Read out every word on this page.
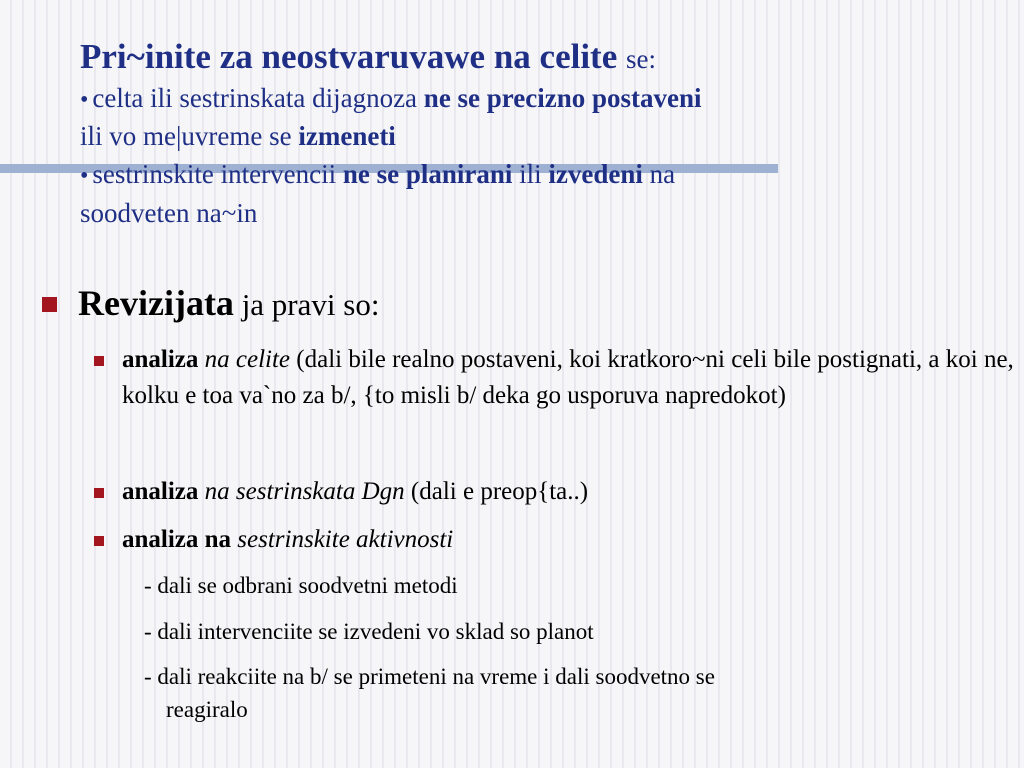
Pri~inite za neostvaruvawe na celite se:

• celta ili sestrinskata dijagnoza ne se precizno postaveni
ili vo me|uvreme se izmeneti

• sestrinskite intervencii ne se planirani ili izvedeni na
soodveten na~in

Revizijata ja pravi so:
analiza na celite (dali bile realno postaveni, koi kratkoro~ni celi bile postignati, a koi ne, kolku e toa va`no za b/, {to misli b/ deka go usporuva napredokot)
analiza na sestrinskata Dgn (dali e preop{ta..)
analiza na sestrinskite aktivnosti
- dali se odbrani soodvetni metodi
- dali intervenciite se izvedeni vo sklad so planot
- dali reakciite na b/ se primeteni na vreme i dali soodvetno se
reagiralo
